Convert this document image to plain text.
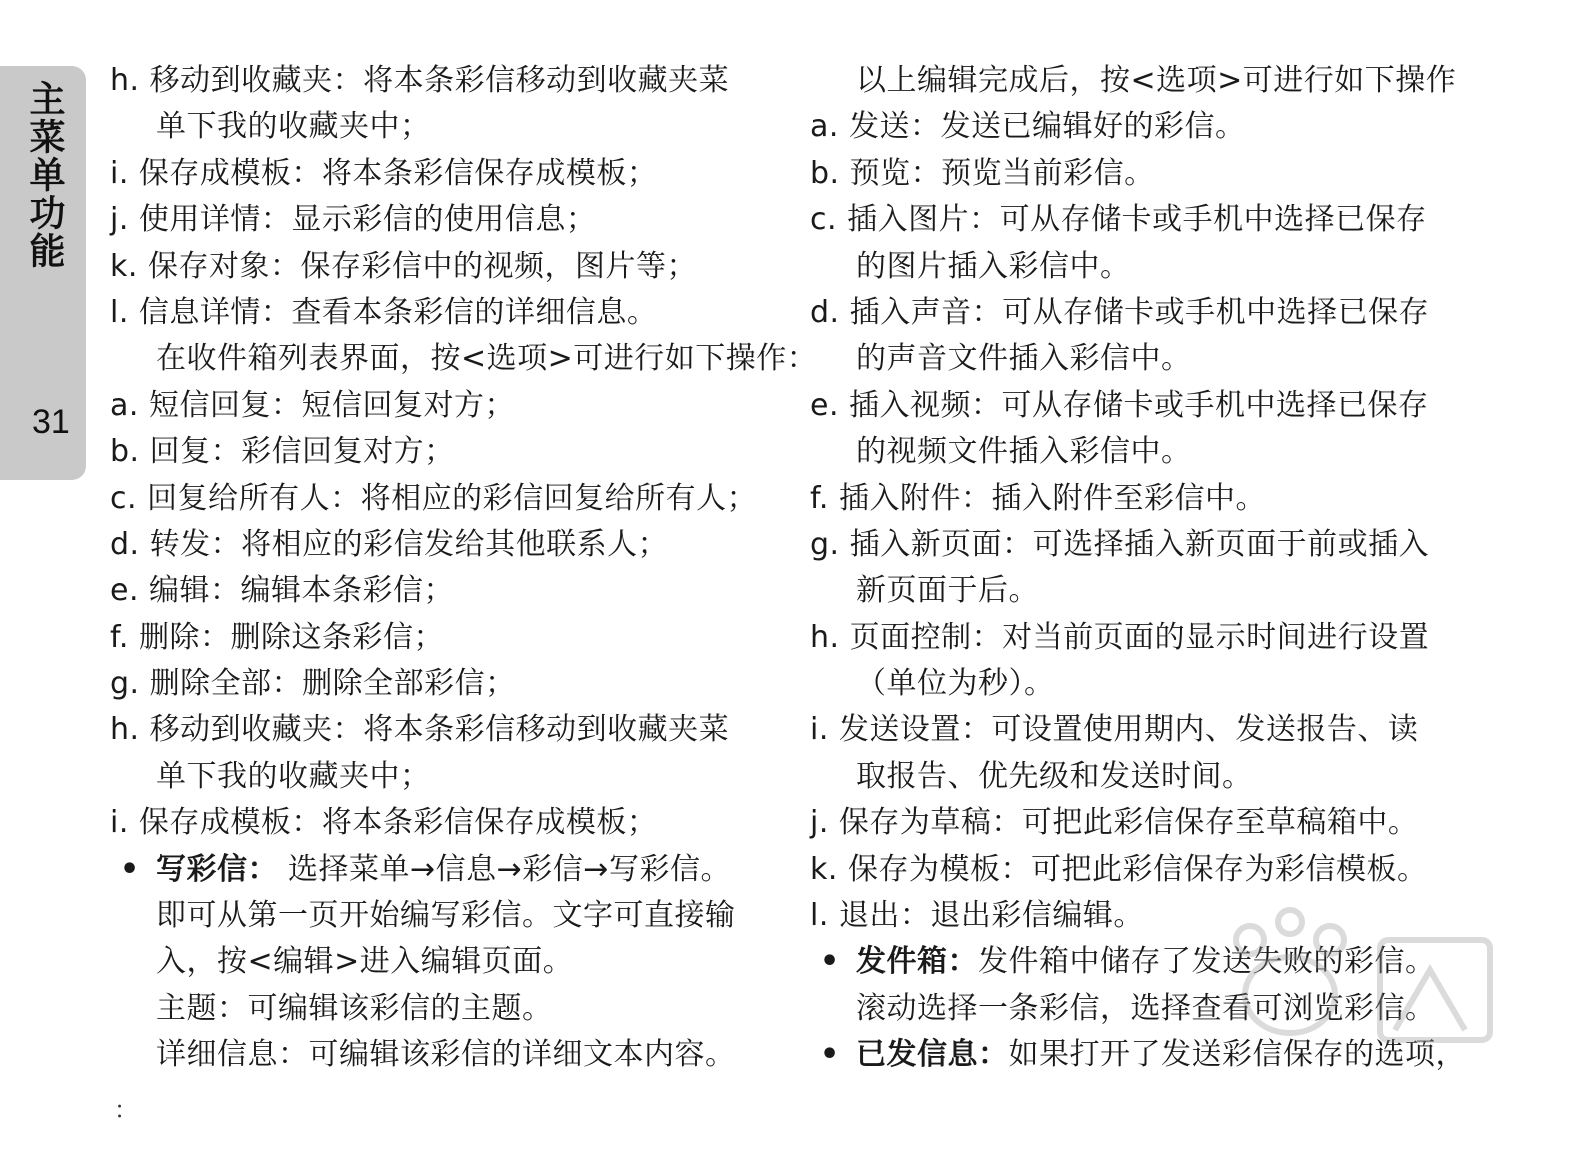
主菜单功能
31
h. 移动到收藏夹：将本条彩信移动到收藏夹菜
单下我的收藏夹中；
i. 保存成模板：将本条彩信保存成模板；
j. 使用详情：显示彩信的使用信息；
k. 保存对象：保存彩信中的视频，图片等；
l. 信息详情：查看本条彩信的详细信息。
在收件箱列表界面，按<选项>可进行如下操作：
a. 短信回复：短信回复对方；
b. 回复：彩信回复对方；
c. 回复给所有人：将相应的彩信回复给所有人；
d. 转发：将相应的彩信发给其他联系人；
e. 编辑：编辑本条彩信；
f. 删除：删除这条彩信；
g. 删除全部：删除全部彩信；
h. 移动到收藏夹：将本条彩信移动到收藏夹菜
单下我的收藏夹中；
i. 保存成模板：将本条彩信保存成模板；
• 写彩信： 选择菜单→信息→彩信→写彩信。
即可从第一页开始编写彩信。文字可直接输
入，按<编辑>进入编辑页面。
主题：可编辑该彩信的主题。
详细信息：可编辑该彩信的详细文本内容。
以上编辑完成后，按<选项>可进行如下操作
a. 发送：发送已编辑好的彩信。
b. 预览：预览当前彩信。
c. 插入图片：可从存储卡或手机中选择已保存
的图片插入彩信中。
d. 插入声音：可从存储卡或手机中选择已保存
的声音文件插入彩信中。
e. 插入视频：可从存储卡或手机中选择已保存
的视频文件插入彩信中。
f. 插入附件：插入附件至彩信中。
g. 插入新页面：可选择插入新页面于前或插入
新页面于后。
h. 页面控制：对当前页面的显示时间进行设置
（单位为秒）。
i. 发送设置：可设置使用期内、发送报告、读
取报告、优先级和发送时间。
j. 保存为草稿：可把此彩信保存至草稿箱中。
k. 保存为模板：可把此彩信保存为彩信模板。
l. 退出：退出彩信编辑。
• 发件箱：发件箱中储存了发送失败的彩信。
滚动选择一条彩信，选择查看可浏览彩信。
• 已发信息：如果打开了发送彩信保存的选项，
：
